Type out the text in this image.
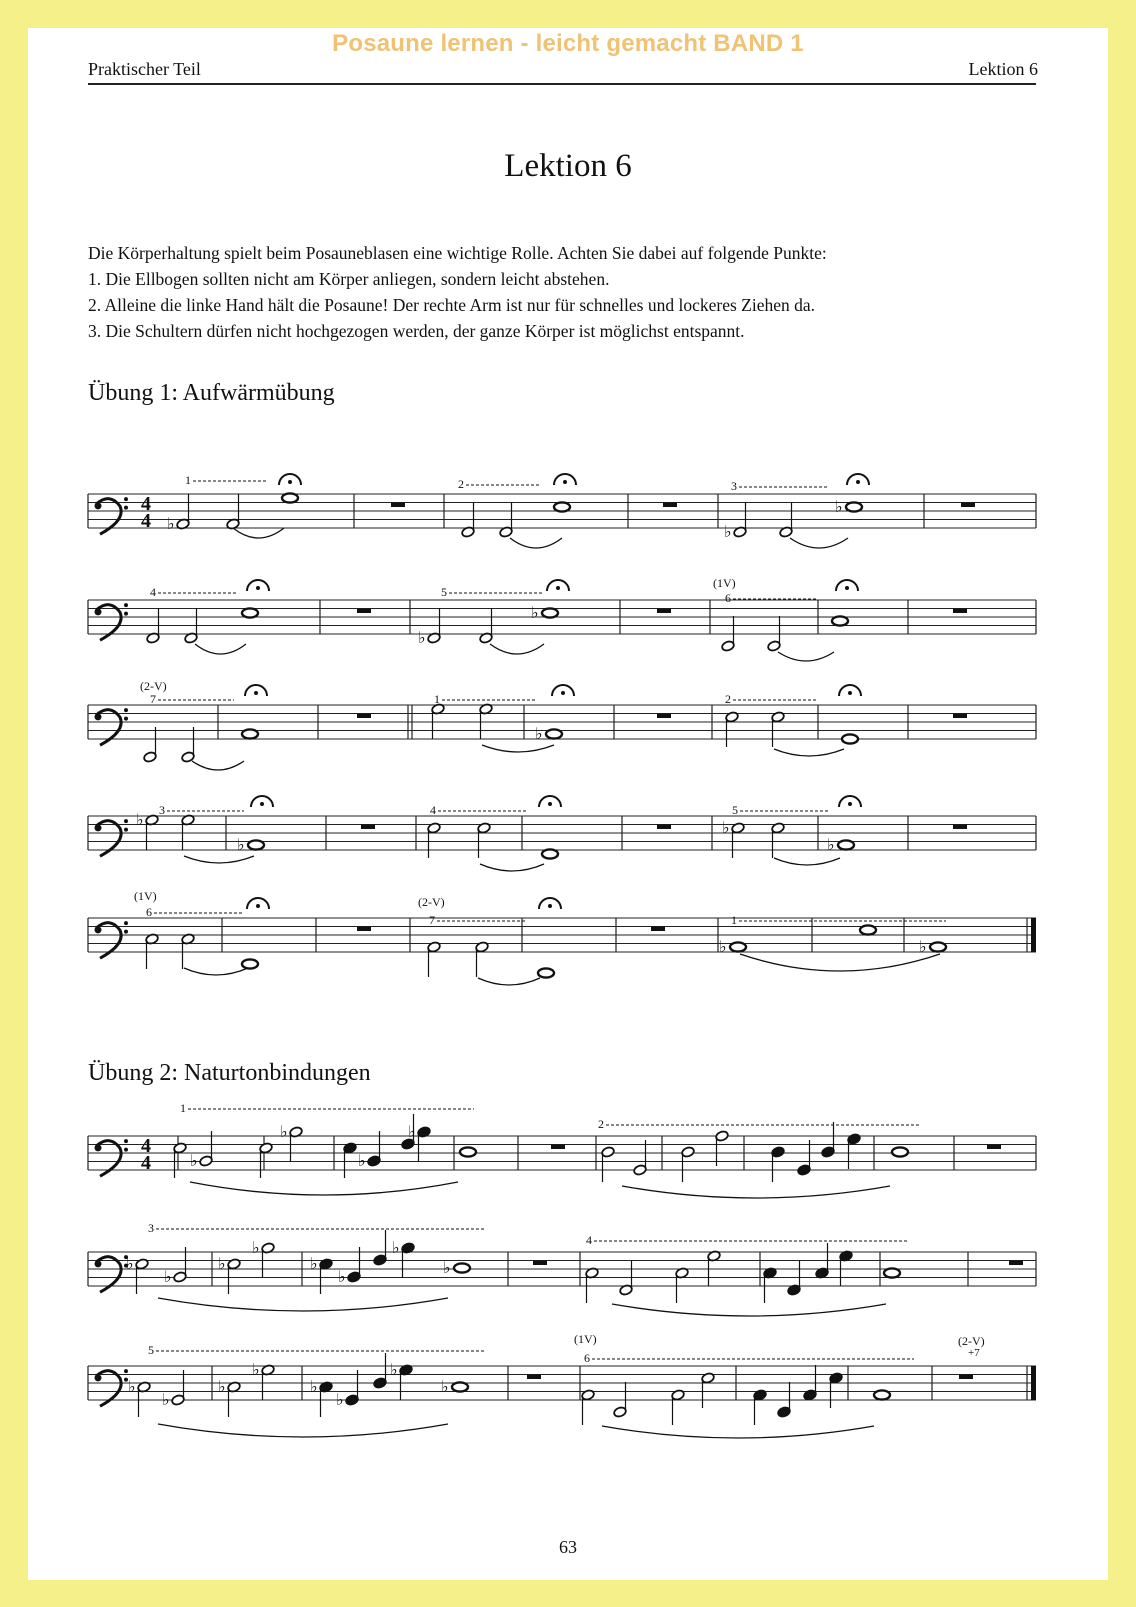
Posaune lernen - leicht gemacht BAND 1
Praktischer Teil	Lektion 6
Lektion 6

Die Körperhaltung spielt beim Posauneblasen eine wichtige Rolle. Achten Sie dabei auf folgende Punkte:

1. Die Ellbogen sollten nicht am Körper anliegen, sondern leicht abstehen.

2. Alleine die linke Hand hält die Posaune! Der rechte Arm ist nur für schnelles und lockeres Ziehen da.

3. Die Schultern dürfen nicht hochgezogen werden, der ganze Körper ist möglichst entspannt.

Übung 1: Aufwärmübung
Übung 2: Naturtonbindungen
4
4 ♭
1	2
♭
♭
3
4
♭
♭
5
(1V)
6
(2-V)
7
♭
1	2
♭
♭
3	4
♭
♭
5
(1V)
6
(2-V)
7
♭	♭
1
4
4 ♭
♭
♭
♭
1
2
♭
♭
♭
♭
♭
♭
♭
♭
3
4
♭
♭
♭
♭
♭
♭
♭
♭
5
(1V)
6
(2-V)
+7
63
